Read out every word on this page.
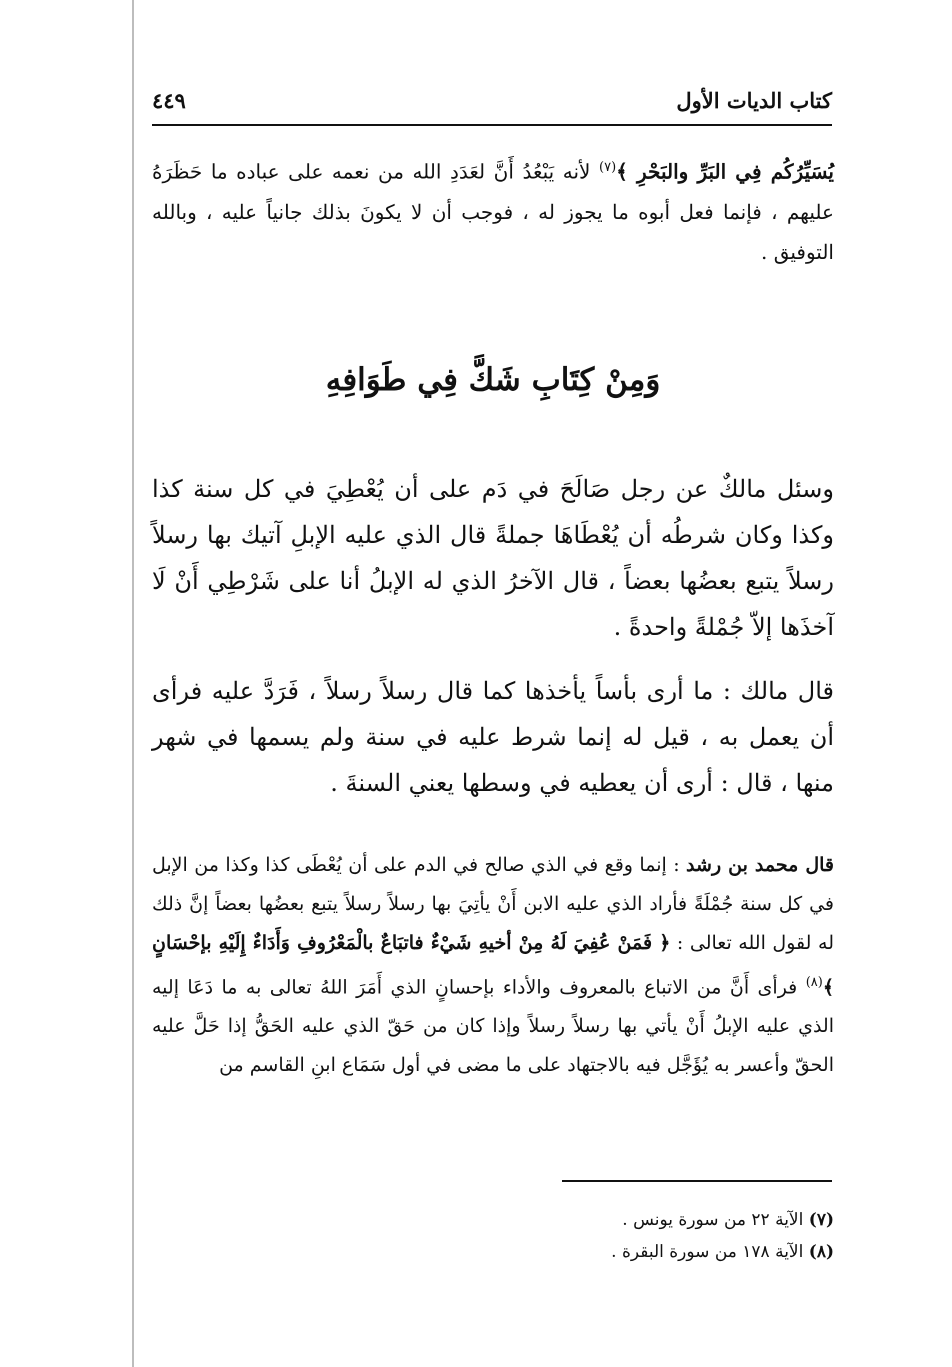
كتاب الديات الأول
٤٤٩
يُسَيِّرُكُم فِي البَرِّ والبَحْرِ ﴾$^{(٧)}$ لأنه يَبْعُدُ أَنَّ لعَدَدِ الله من نعمه على عباده ما حَظَرَهُ عليهم ، فإنما فعل أبوه ما يجوز له ، فوجب أن لا يكونَ بذلك جانياً عليه ، وبالله التوفيق .
وَمِنْ كِتَابِ شَكَّ فِي طَوَافِهِ
وسئل مالكٌ عن رجل صَالَحَ في دَم على أن يُعْطِيَ في كل سنة كذا وكذا وكان شرطُه أن يُعْطَاهَا جملةً قال الذي عليه الإبلِ آتيك بها رسلاً رسلاً يتبع بعضُها بعضاً ، قال الآخرُ الذي له الإبلُ أنا على شَرْطِي أَنْ لَا آخذَها إلاّ جُمْلةً واحدةً .
قال مالك : ما أرى بأساً يأخذها كما قال رسلاً رسلاً ، فَرَدَّ عليه فرأى أن يعمل به ، قيل له إنما شرط عليه في سنة ولم يسمها في شهر منها ، قال : أرى أن يعطيه في وسطها يعني السنةَ .
قال محمد بن رشد : إنما وقع في الذي صالح في الدم على أن يُعْطَى كذا وكذا من الإبل في كل سنة جُمْلَةً فأراد الذي عليه الابن أَنْ يأتِيَ بها رسلاً رسلاً يتبع بعضُها بعضاً إنَّ ذلك له لقول الله تعالى : ﴿ فَمَنْ عُفِيَ لَهُ مِنْ أخيهِ شَيْءٌ فاتبَاعٌ بالْمَعْرُوفِ وَأَدَاءٌ إِلَيْهِ بإحْسَانٍ ﴾$^{(٨)}$ فرأى أَنَّ من الاتباع بالمعروف والأداء بإحسانٍ الذي أَمَرَ اللهُ تعالى به ما دَعَا إليه الذي عليه الإبلُ أَنْ يأتي بها رسلاً رسلاً وإذا كان من حَقّ الذي عليه الحَقُّ إذا حَلَّ عليه الحقّ وأعسر به يُؤَجَّل فيه بالاجتهاد على ما مضى في أول سَمَاع ابنِ القاسم من
(٧) الآية ٢٢ من سورة يونس .
(٨) الآية ١٧٨ من سورة البقرة .
